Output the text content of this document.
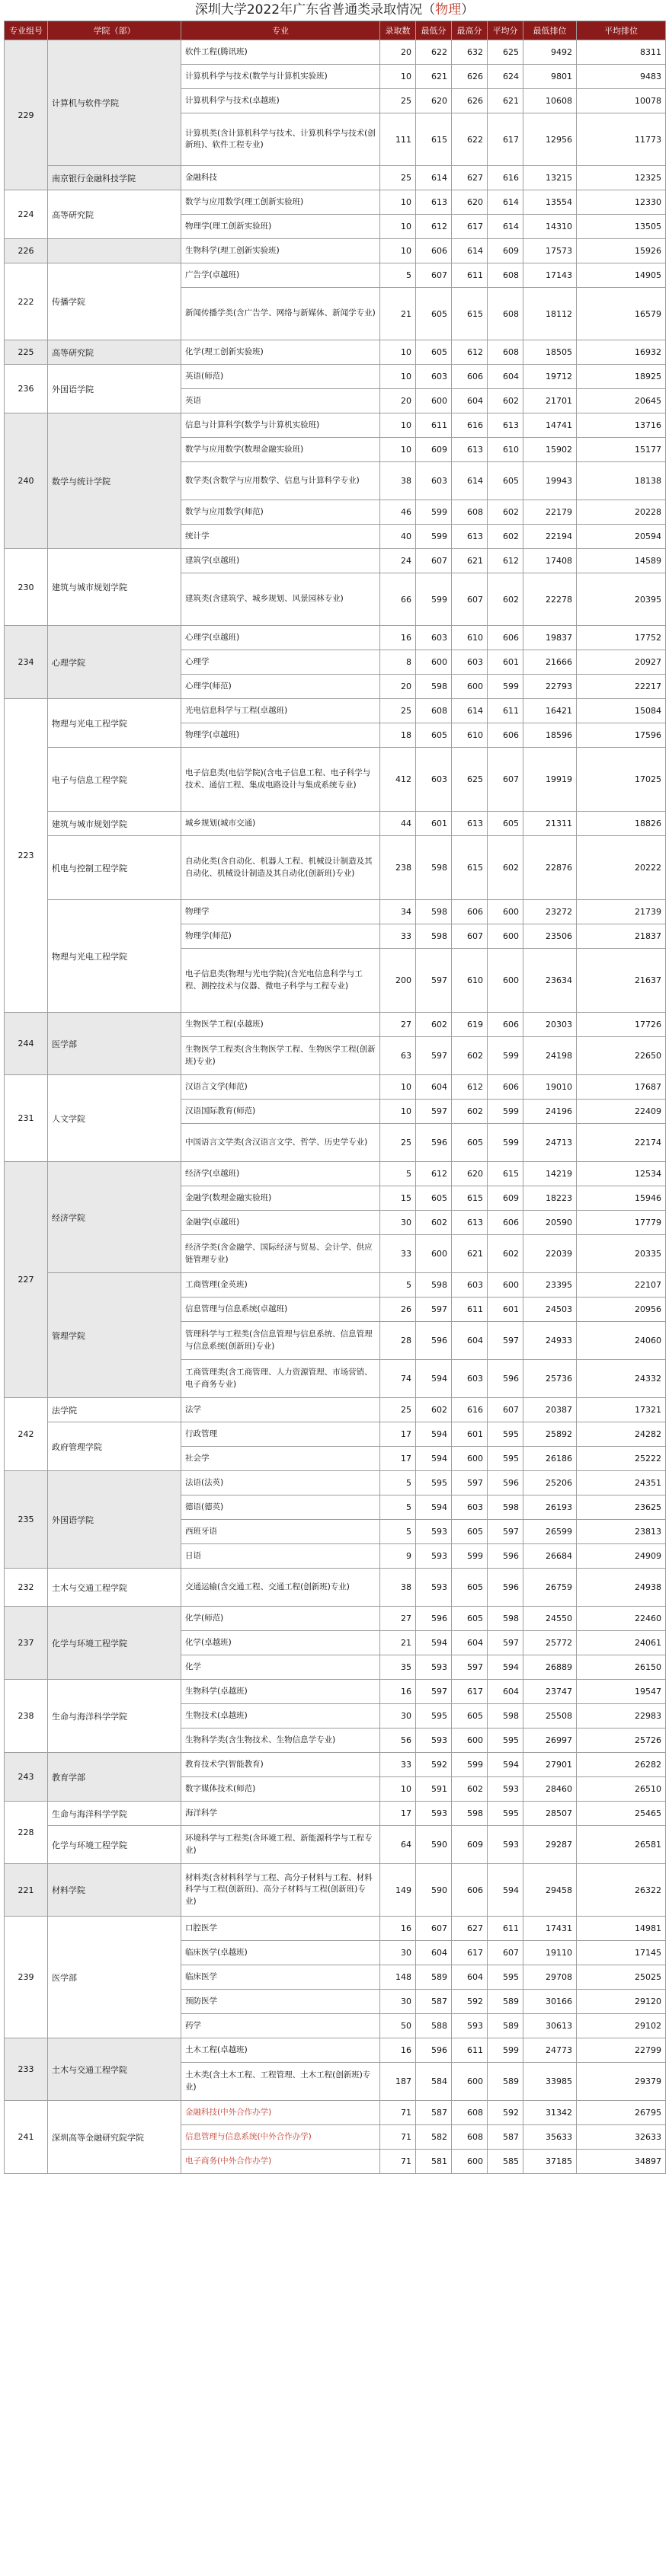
深圳大学2022年广东省普通类录取情况（物理）
专业组号	学院（部）	专业	录取数	最低分	最高分	平均分	最低排位	平均排位
229	计算机与软件学院	软件工程(腾讯班)	20	622	632	625	9492	8311
		计算机科学与技术(数学与计算机实验班)	10	621	626	624	9801	9483
		计算机科学与技术(卓越班)	25	620	626	621	10608	10078
		计算机类(含计算机科学与技术、计算机科学与技术(创新班)、软件工程专业)	111	615	622	617	12956	11773
	南京银行金融科技学院	金融科技	25	614	627	616	13215	12325
224	高等研究院	数学与应用数学(理工创新实验班)	10	613	620	614	13554	12330
		物理学(理工创新实验班)	10	612	617	614	14310	13505
226		生物科学(理工创新实验班)	10	606	614	609	17573	15926
222	传播学院	广告学(卓越班)	5	607	611	608	17143	14905
		新闻传播学类(含广告学、网络与新媒体、新闻学专业)	21	605	615	608	18112	16579
225	高等研究院	化学(理工创新实验班)	10	605	612	608	18505	16932
236	外国语学院	英语(师范)	10	603	606	604	19712	18925
		英语	20	600	604	602	21701	20645
240	数学与统计学院	信息与计算科学(数学与计算机实验班)	10	611	616	613	14741	13716
		数学与应用数学(数理金融实验班)	10	609	613	610	15902	15177
		数学类(含数学与应用数学、信息与计算科学专业)	38	603	614	605	19943	18138
		数学与应用数学(师范)	46	599	608	602	22179	20228
		统计学	40	599	613	602	22194	20594
230	建筑与城市规划学院	建筑学(卓越班)	24	607	621	612	17408	14589
		建筑类(含建筑学、城乡规划、风景园林专业)	66	599	607	602	22278	20395
234	心理学院	心理学(卓越班)	16	603	610	606	19837	17752
		心理学	8	600	603	601	21666	20927
		心理学(师范)	20	598	600	599	22793	22217
223	物理与光电工程学院	光电信息科学与工程(卓越班)	25	608	614	611	16421	15084
		物理学(卓越班)	18	605	610	606	18596	17596
	电子与信息工程学院	电子信息类(电信学院)(含电子信息工程、电子科学与技术、通信工程、集成电路设计与集成系统专业)	412	603	625	607	19919	17025
	建筑与城市规划学院	城乡规划(城市交通)	44	601	613	605	21311	18826
	机电与控制工程学院	自动化类(含自动化、机器人工程、机械设计制造及其自动化、机械设计制造及其自动化(创新班)专业)	238	598	615	602	22876	20222
	物理与光电工程学院	物理学	34	598	606	600	23272	21739
		物理学(师范)	33	598	607	600	23506	21837
		电子信息类(物理与光电学院)(含光电信息科学与工程、测控技术与仪器、微电子科学与工程专业)	200	597	610	600	23634	21637
244	医学部	生物医学工程(卓越班)	27	602	619	606	20303	17726
		生物医学工程类(含生物医学工程、生物医学工程(创新班)专业)	63	597	602	599	24198	22650
231	人文学院	汉语言文学(师范)	10	604	612	606	19010	17687
		汉语国际教育(师范)	10	597	602	599	24196	22409
		中国语言文学类(含汉语言文学、哲学、历史学专业)	25	596	605	599	24713	22174
227	经济学院	经济学(卓越班)	5	612	620	615	14219	12534
		金融学(数理金融实验班)	15	605	615	609	18223	15946
		金融学(卓越班)	30	602	613	606	20590	17779
		经济学类(含金融学、国际经济与贸易、会计学、供应链管理专业)	33	600	621	602	22039	20335
	管理学院	工商管理(金英班)	5	598	603	600	23395	22107
		信息管理与信息系统(卓越班)	26	597	611	601	24503	20956
		管理科学与工程类(含信息管理与信息系统、信息管理与信息系统(创新班)专业)	28	596	604	597	24933	24060
		工商管理类(含工商管理、人力资源管理、市场营销、电子商务专业)	74	594	603	596	25736	24332
242	法学院	法学	25	602	616	607	20387	17321
	政府管理学院	行政管理	17	594	601	595	25892	24282
		社会学	17	594	600	595	26186	25222
235	外国语学院	法语(法英)	5	595	597	596	25206	24351
		德语(德英)	5	594	603	598	26193	23625
		西班牙语	5	593	605	597	26599	23813
		日语	9	593	599	596	26684	24909
232	土木与交通工程学院	交通运输(含交通工程、交通工程(创新班)专业)	38	593	605	596	26759	24938
237	化学与环境工程学院	化学(师范)	27	596	605	598	24550	22460
		化学(卓越班)	21	594	604	597	25772	24061
		化学	35	593	597	594	26889	26150
238	生命与海洋科学学院	生物科学(卓越班)	16	597	617	604	23747	19547
		生物技术(卓越班)	30	595	605	598	25508	22983
		生物科学类(含生物技术、生物信息学专业)	56	593	600	595	26997	25726
243	教育学部	教育技术学(智能教育)	33	592	599	594	27901	26282
		数字媒体技术(师范)	10	591	602	593	28460	26510
228	生命与海洋科学学院	海洋科学	17	593	598	595	28507	25465
	化学与环境工程学院	环境科学与工程类(含环境工程、新能源科学与工程专业)	64	590	609	593	29287	26581
221	材料学院	材料类(含材料科学与工程、高分子材料与工程、材料科学与工程(创新班)、高分子材料与工程(创新班)专业)	149	590	606	594	29458	26322
239	医学部	口腔医学	16	607	627	611	17431	14981
		临床医学(卓越班)	30	604	617	607	19110	17145
		临床医学	148	589	604	595	29708	25025
		预防医学	30	587	592	589	30166	29120
		药学	50	588	593	589	30613	29102
233	土木与交通工程学院	土木工程(卓越班)	16	596	611	599	24773	22799
		土木类(含土木工程、工程管理、土木工程(创新班)专业)	187	584	600	589	33985	29379
241	深圳高等金融研究院学院	金融科技(中外合作办学)	71	587	608	592	31342	26795
		信息管理与信息系统(中外合作办学)	71	582	608	587	35633	32633
		电子商务(中外合作办学)	71	581	600	585	37185	34897
